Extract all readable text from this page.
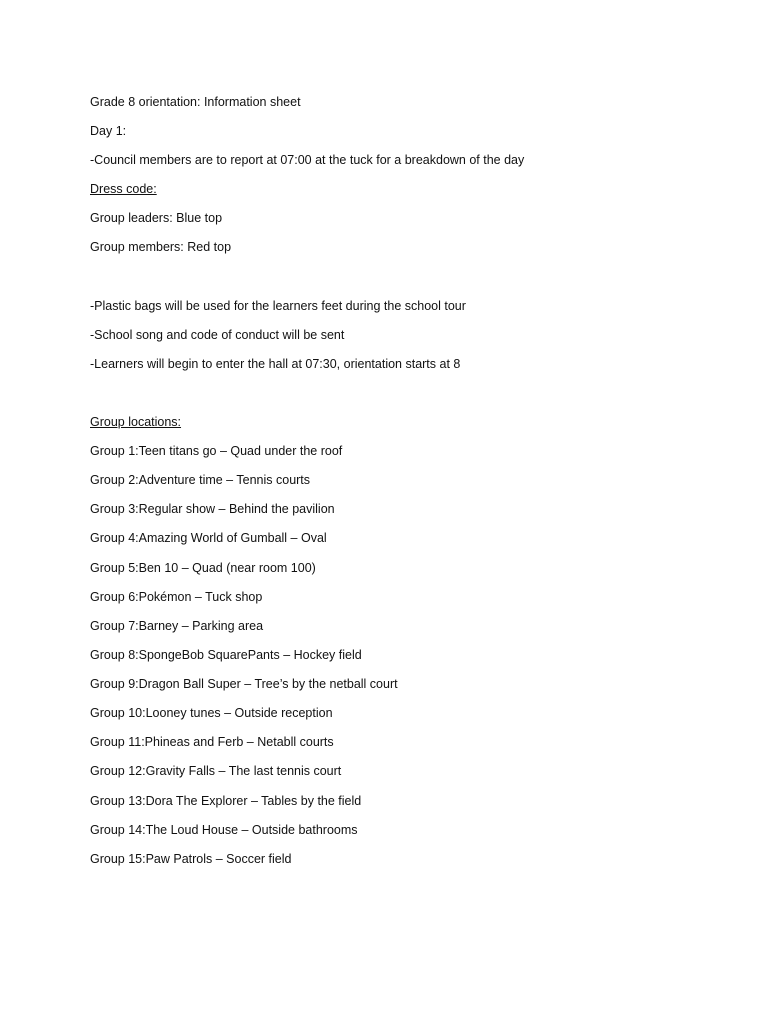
Grade 8 orientation: Information sheet
Day 1:
-Council members are to report at 07:00 at the tuck for a breakdown of the day
Dress code:
Group leaders: Blue top
Group members: Red top
-Plastic bags will be used for the learners feet during the school tour
-School song and code of conduct will be sent
-Learners will begin to enter the hall at 07:30, orientation starts at 8
Group locations:
Group 1:Teen titans go – Quad under the roof
Group 2:Adventure time – Tennis courts
Group 3:Regular show – Behind the pavilion
Group 4:Amazing World of Gumball – Oval
Group 5:Ben 10 – Quad (near room 100)
Group 6:Pokémon – Tuck shop
Group 7:Barney – Parking area
Group 8:SpongeBob SquarePants – Hockey field
Group 9:Dragon Ball Super – Tree’s by the netball court
Group 10:Looney tunes – Outside reception
Group 11:Phineas and Ferb – Netabll courts
Group 12:Gravity Falls – The last tennis court
Group 13:Dora The Explorer – Tables by the field
Group 14:The Loud House – Outside bathrooms
Group 15:Paw Patrols – Soccer field
